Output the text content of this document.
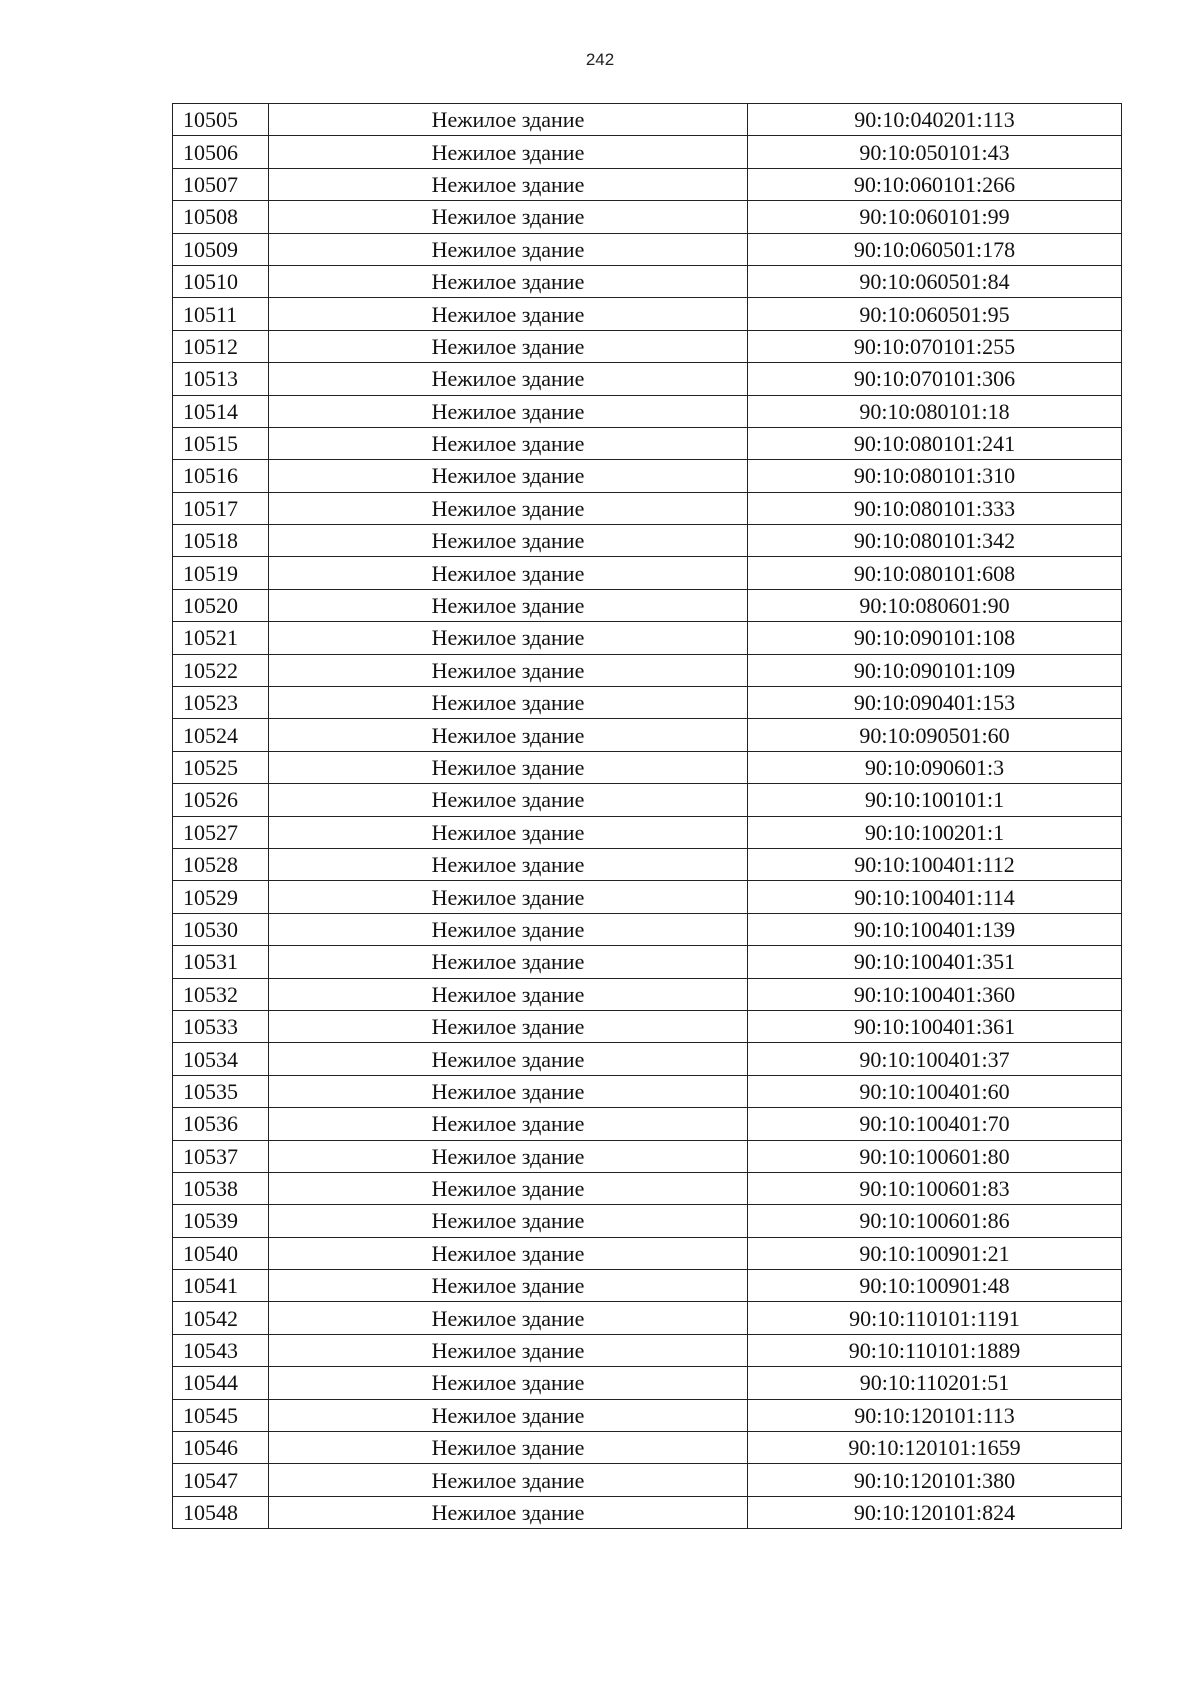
242
10505	Нежилое здание	90:10:040201:113
10506	Нежилое здание	90:10:050101:43
10507	Нежилое здание	90:10:060101:266
10508	Нежилое здание	90:10:060101:99
10509	Нежилое здание	90:10:060501:178
10510	Нежилое здание	90:10:060501:84
10511	Нежилое здание	90:10:060501:95
10512	Нежилое здание	90:10:070101:255
10513	Нежилое здание	90:10:070101:306
10514	Нежилое здание	90:10:080101:18
10515	Нежилое здание	90:10:080101:241
10516	Нежилое здание	90:10:080101:310
10517	Нежилое здание	90:10:080101:333
10518	Нежилое здание	90:10:080101:342
10519	Нежилое здание	90:10:080101:608
10520	Нежилое здание	90:10:080601:90
10521	Нежилое здание	90:10:090101:108
10522	Нежилое здание	90:10:090101:109
10523	Нежилое здание	90:10:090401:153
10524	Нежилое здание	90:10:090501:60
10525	Нежилое здание	90:10:090601:3
10526	Нежилое здание	90:10:100101:1
10527	Нежилое здание	90:10:100201:1
10528	Нежилое здание	90:10:100401:112
10529	Нежилое здание	90:10:100401:114
10530	Нежилое здание	90:10:100401:139
10531	Нежилое здание	90:10:100401:351
10532	Нежилое здание	90:10:100401:360
10533	Нежилое здание	90:10:100401:361
10534	Нежилое здание	90:10:100401:37
10535	Нежилое здание	90:10:100401:60
10536	Нежилое здание	90:10:100401:70
10537	Нежилое здание	90:10:100601:80
10538	Нежилое здание	90:10:100601:83
10539	Нежилое здание	90:10:100601:86
10540	Нежилое здание	90:10:100901:21
10541	Нежилое здание	90:10:100901:48
10542	Нежилое здание	90:10:110101:1191
10543	Нежилое здание	90:10:110101:1889
10544	Нежилое здание	90:10:110201:51
10545	Нежилое здание	90:10:120101:113
10546	Нежилое здание	90:10:120101:1659
10547	Нежилое здание	90:10:120101:380
10548	Нежилое здание	90:10:120101:824
